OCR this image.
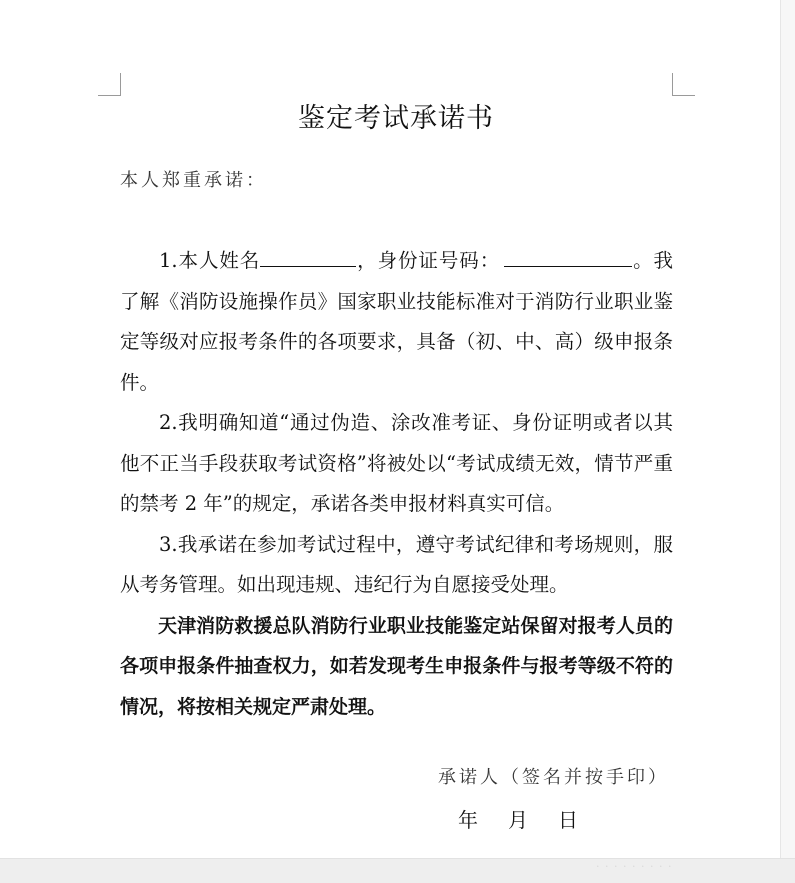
鉴定考试承诺书
本人郑重承诺：

1.本人姓名	，身份证号码：	。我了解《消防设施操作员》国家职业技能标准对于消防行业职业鉴定等级对应报考条件的各项要求，具备（初、中、高）级申报条件。

2.我明确知道“通过伪造、涂改准考证、身份证明或者以其他不正当手段获取考试资格”将被处以“考试成绩无效，情节严重的禁考 2 年”的规定，承诺各类申报材料真实可信。

3.我承诺在参加考试过程中，遵守考试纪律和考场规则，服从考务管理。如出现违规、违纪行为自愿接受处理。

天津消防救援总队消防行业职业技能鉴定站保留对报考人员的各项申报条件抽查权力，如若发现考生申报条件与报考等级不符的情况，将按相关规定严肃处理。

承诺人（签名并按手印）
年 月 日
· · · · · · · · ·
